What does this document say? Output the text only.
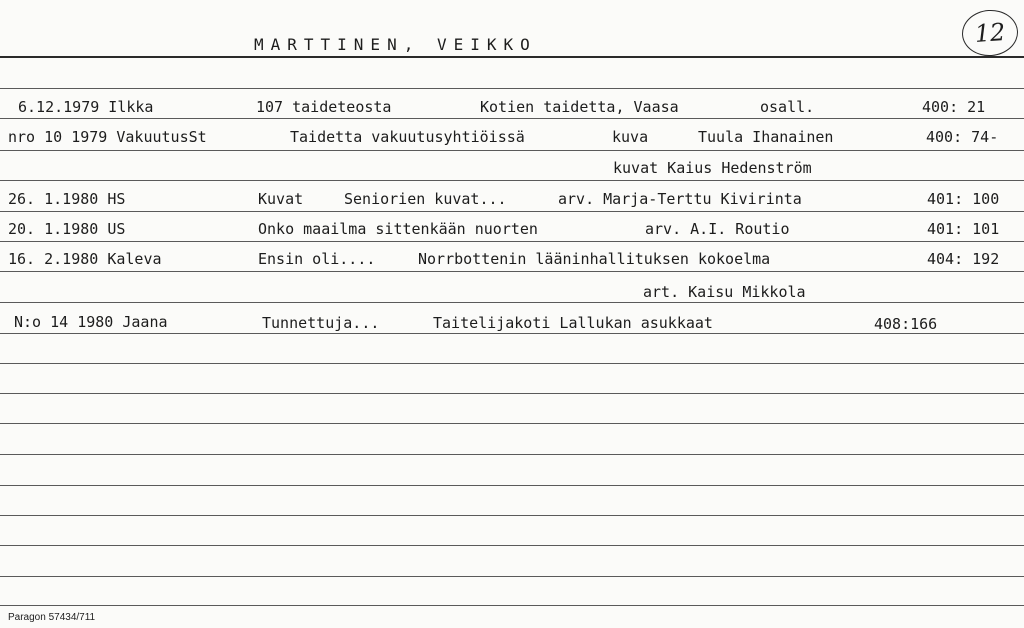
MARTTINEN, VEIKKO	12
6.12.1979 Ilkka	107 taideteosta	Kotien taidetta, Vaasa	osall.	400: 21
nro 10 1979 VakuutusSt	Taidetta vakuutusyhtiöissä	kuva	Tuula Ihanainen	400: 74-
kuvat Kaius Hedenström
26. 1.1980 HS	Kuvat	Seniorien kuvat...	arv. Marja-Terttu Kivirinta	401: 100
20. 1.1980 US	Onko maailma sittenkään nuorten	arv. A.I. Routio	401: 101
16. 2.1980 Kaleva	Ensin oli....	Norrbottenin lääninhallituksen kokoelma	404: 192
art. Kaisu Mikkola
N:o 14 1980 Jaana	Tunnettuja...	Taitelijakoti Lallukan asukkaat	408:166
Paragon 57434/711
